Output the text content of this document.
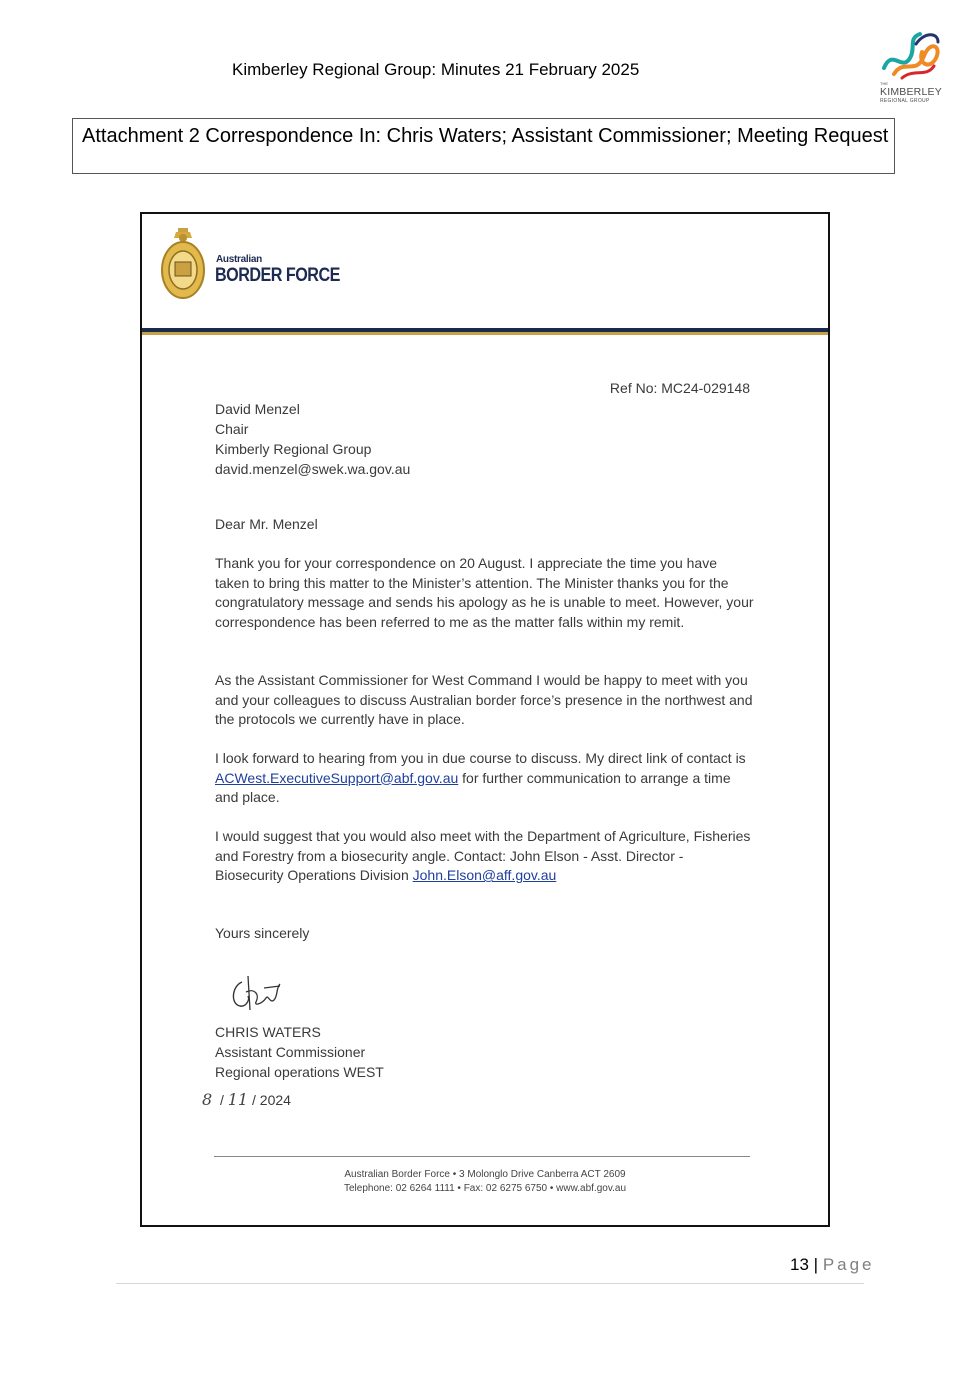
Kimberley Regional Group: Minutes 21 February 2025
THE
KIMBERLEY
REGIONAL GROUP
Attachment 2 Correspondence In: Chris Waters; Assistant Commissioner; Meeting Request
Australian
BORDER FORCE
Ref No: MC24-029148
David Menzel
Chair
Kimberly Regional Group
david.menzel@swek.wa.gov.au
Dear Mr. Menzel
Thank you for your correspondence on 20 August. I appreciate the time you have taken to bring this matter to the Minister’s attention. The Minister thanks you for the congratulatory message and sends his apology as he is unable to meet. However, your correspondence has been referred to me as the matter falls within my remit.
As the Assistant Commissioner for West Command I would be happy to meet with you and your colleagues to discuss Australian border force’s presence in the northwest and the protocols we currently have in place.
I look forward to hearing from you in due course to discuss. My direct link of contact is ACWest.ExecutiveSupport@abf.gov.au for further communication to arrange a time and place.
I would suggest that you would also meet with the Department of Agriculture, Fisheries and Forestry from a biosecurity angle. Contact: John Elson - Asst. Director - Biosecurity Operations Division John.Elson@aff.gov.au
Yours sincerely
CHRIS WATERS
Assistant Commissioner
Regional operations WEST
8  / 11 / 2024
Australian Border Force • 3 Molonglo Drive Canberra ACT 2609
Telephone: 02 6264 1111 • Fax: 02 6275 6750 • www.abf.gov.au
13 | Page
